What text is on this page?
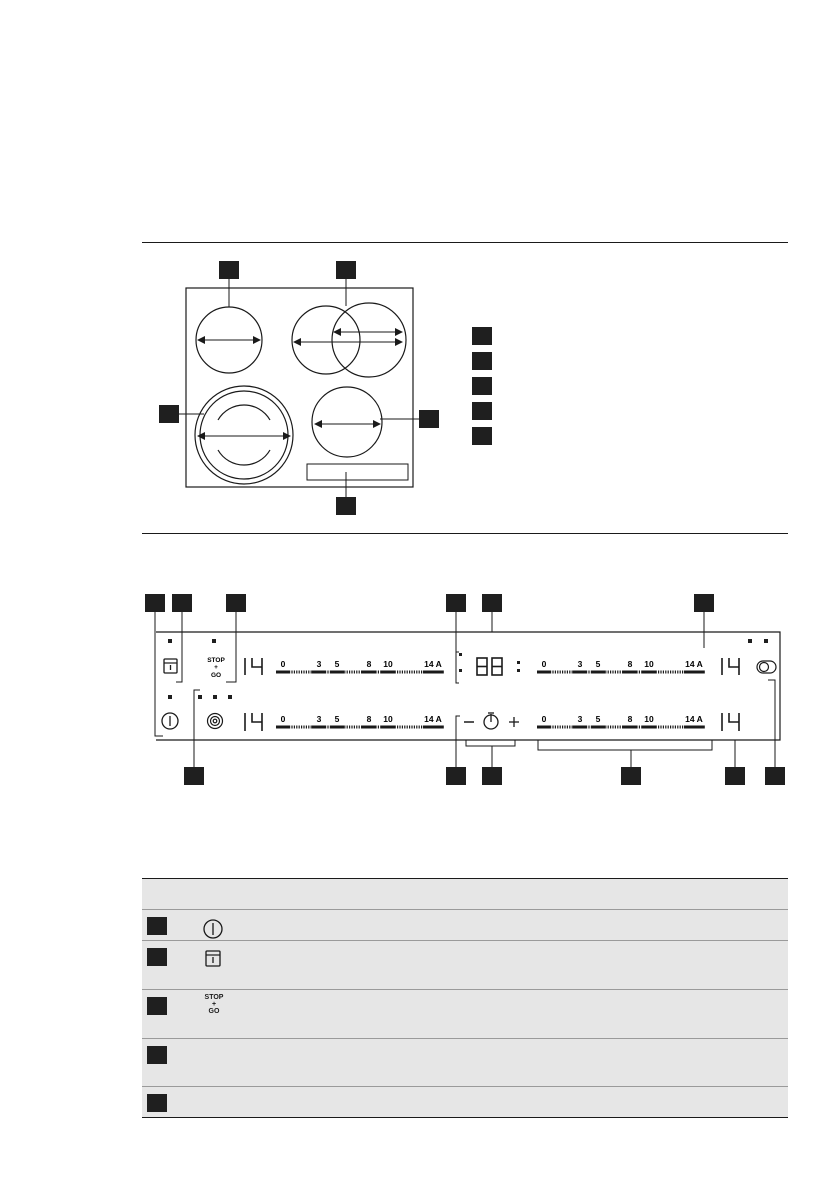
STOP
+
GO
0	3 5	8 10	14 A
0	3 5	8 10	14 A
0	3 5	8 10	14 A
0	3 5	8 10	14 A
STOP
+
GO
